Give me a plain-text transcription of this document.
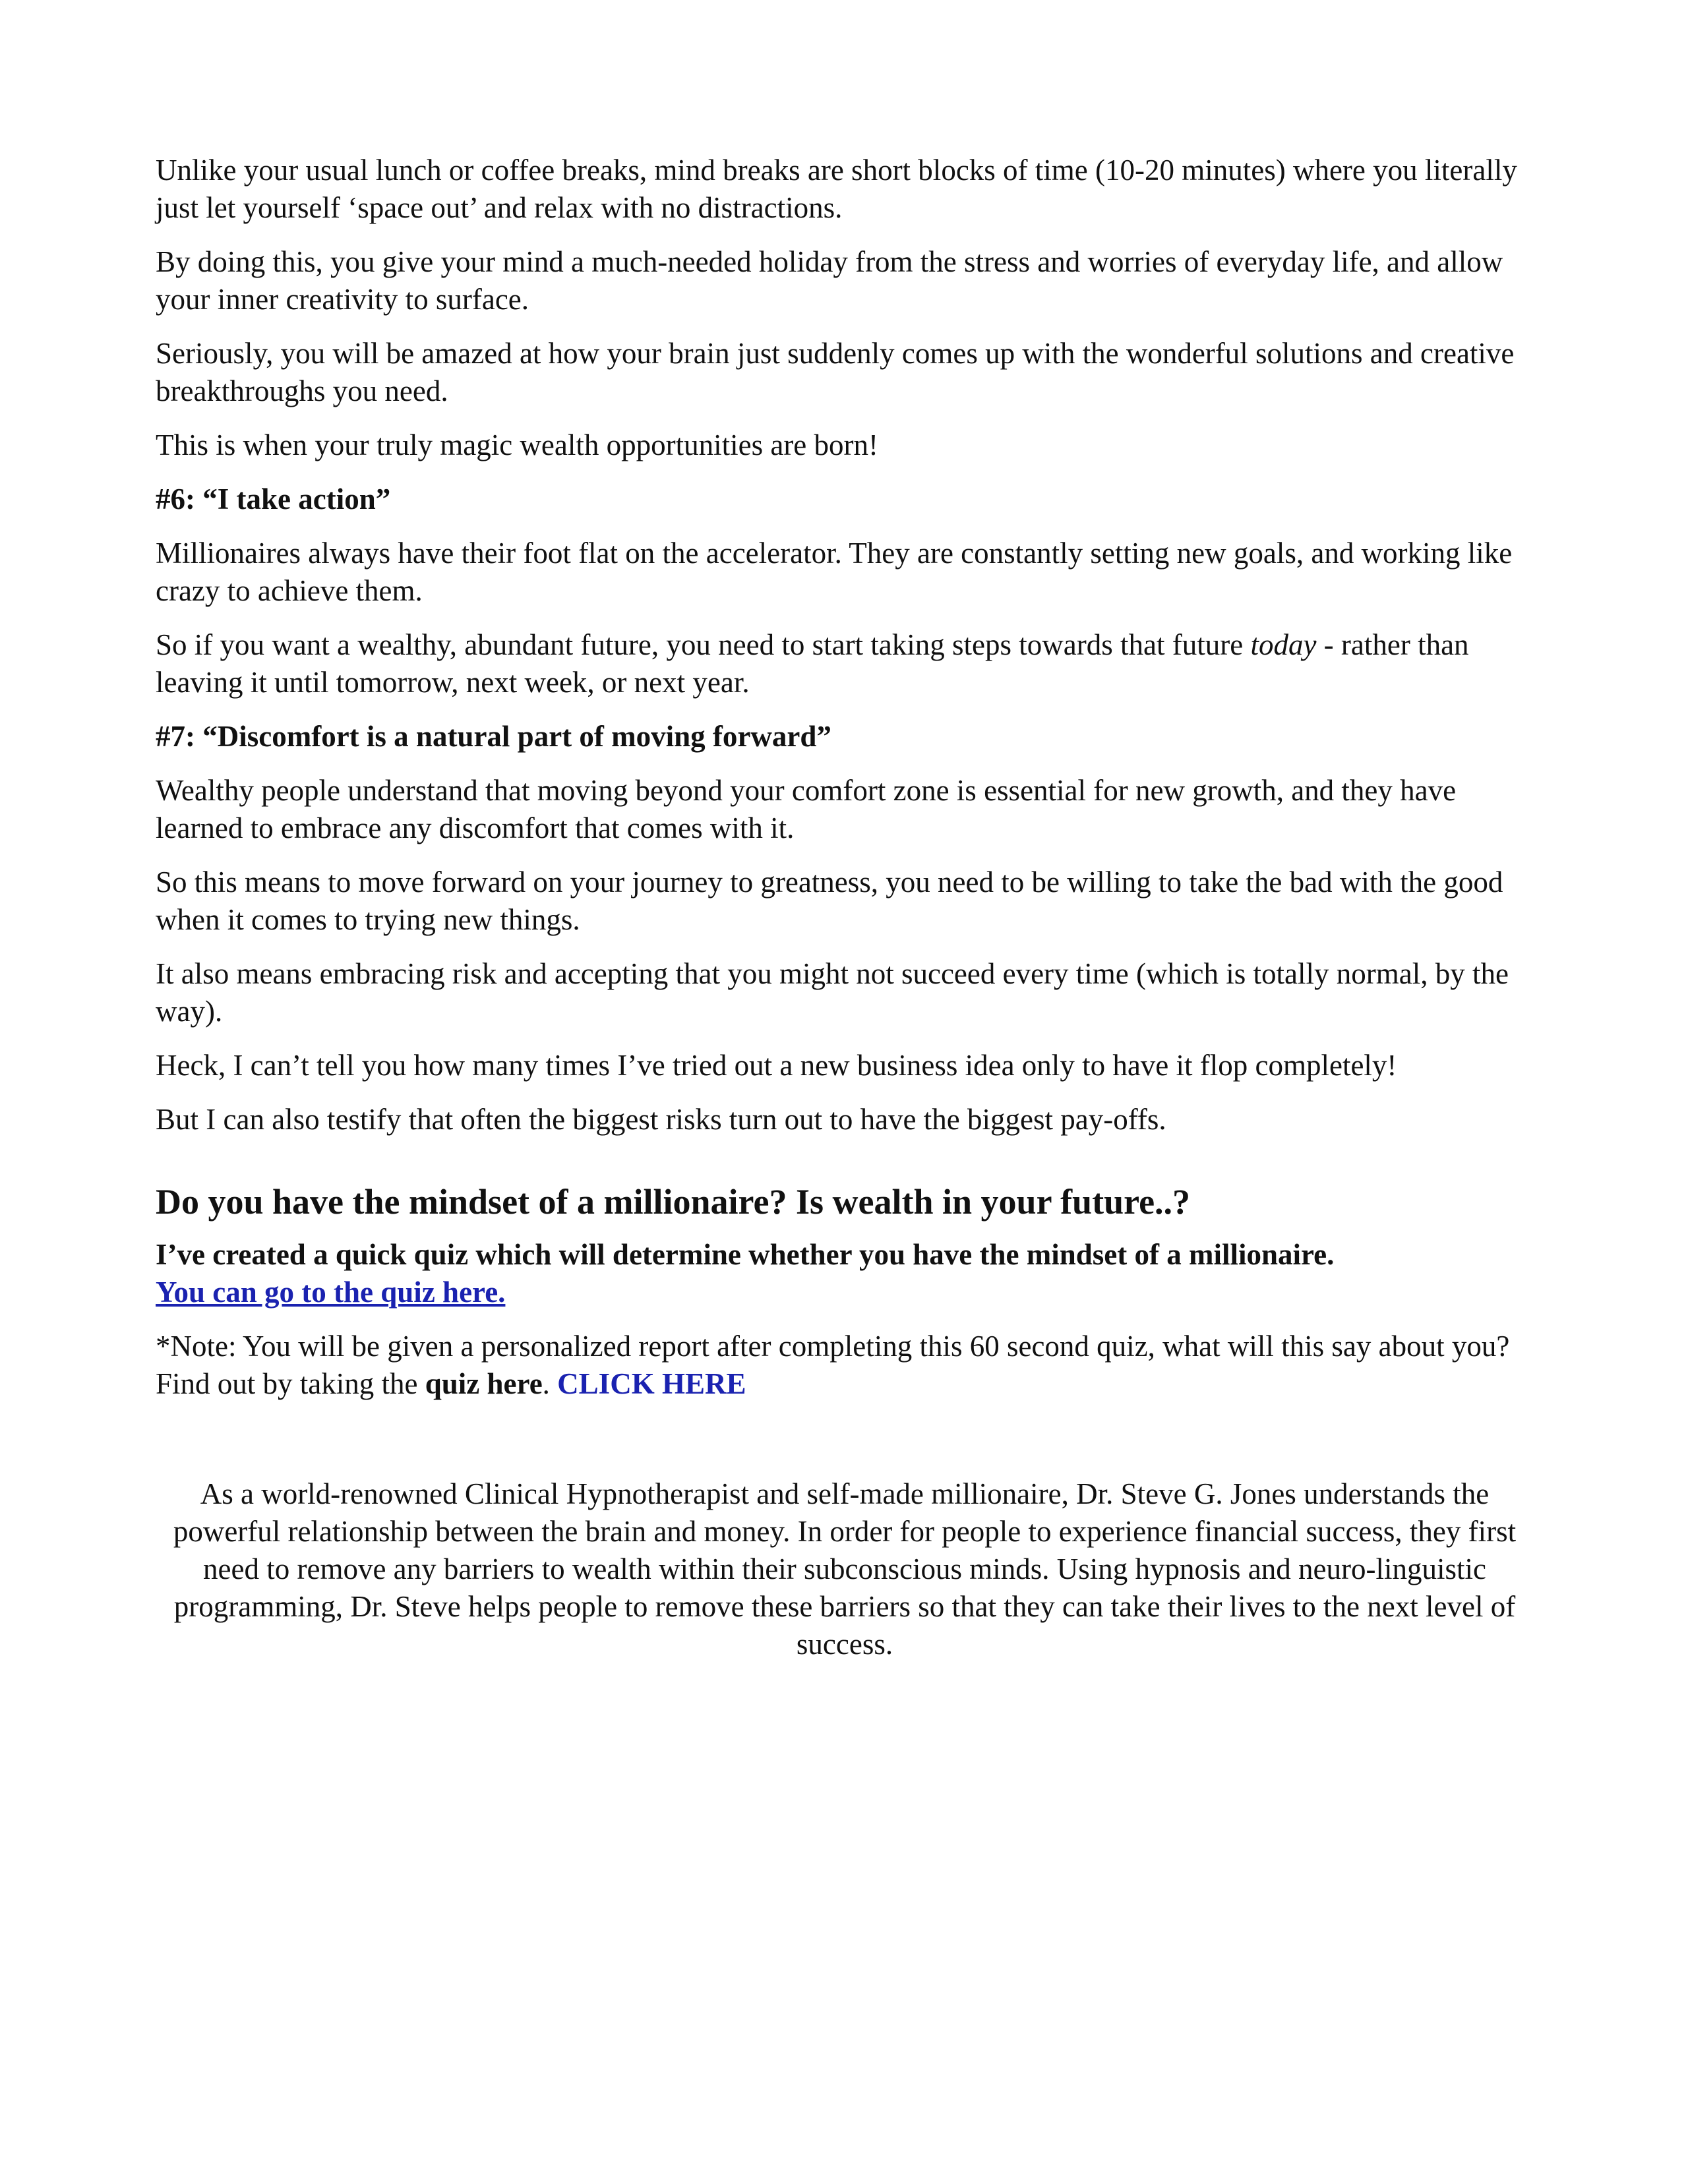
Unlike your usual lunch or coffee breaks, mind breaks are short blocks of time (10-20 minutes) where you literally just let yourself ‘space out’ and relax with no distractions.

By doing this, you give your mind a much-needed holiday from the stress and worries of everyday life, and allow your inner creativity to surface.

Seriously, you will be amazed at how your brain just suddenly comes up with the wonderful solutions and creative breakthroughs you need.

This is when your truly magic wealth opportunities are born!

#6: “I take action”

Millionaires always have their foot flat on the accelerator. They are constantly setting new goals, and working like crazy to achieve them.

So if you want a wealthy, abundant future, you need to start taking steps towards that future today - rather than leaving it until tomorrow, next week, or next year.

#7: “Discomfort is a natural part of moving forward”

Wealthy people understand that moving beyond your comfort zone is essential for new growth, and they have learned to embrace any discomfort that comes with it.

So this means to move forward on your journey to greatness, you need to be willing to take the bad with the good when it comes to trying new things.

It also means embracing risk and accepting that you might not succeed every time (which is totally normal, by the way).

Heck, I can’t tell you how many times I’ve tried out a new business idea only to have it flop completely!

But I can also testify that often the biggest risks turn out to have the biggest pay-offs.

Do you have the mindset of a millionaire? Is wealth in your future..?

I’ve created a quick quiz which will determine whether you have the mindset of a millionaire.
You can go to the quiz here.

*Note: You will be given a personalized report after completing this 60 second quiz, what will this say about you? Find out by taking the quiz here. CLICK HERE

As a world-renowned Clinical Hypnotherapist and self-made millionaire, Dr. Steve G. Jones understands the powerful relationship between the brain and money. In order for people to experience financial success, they first need to remove any barriers to wealth within their subconscious minds. Using hypnosis and neuro-linguistic programming, Dr. Steve helps people to remove these barriers so that they can take their lives to the next level of success.
